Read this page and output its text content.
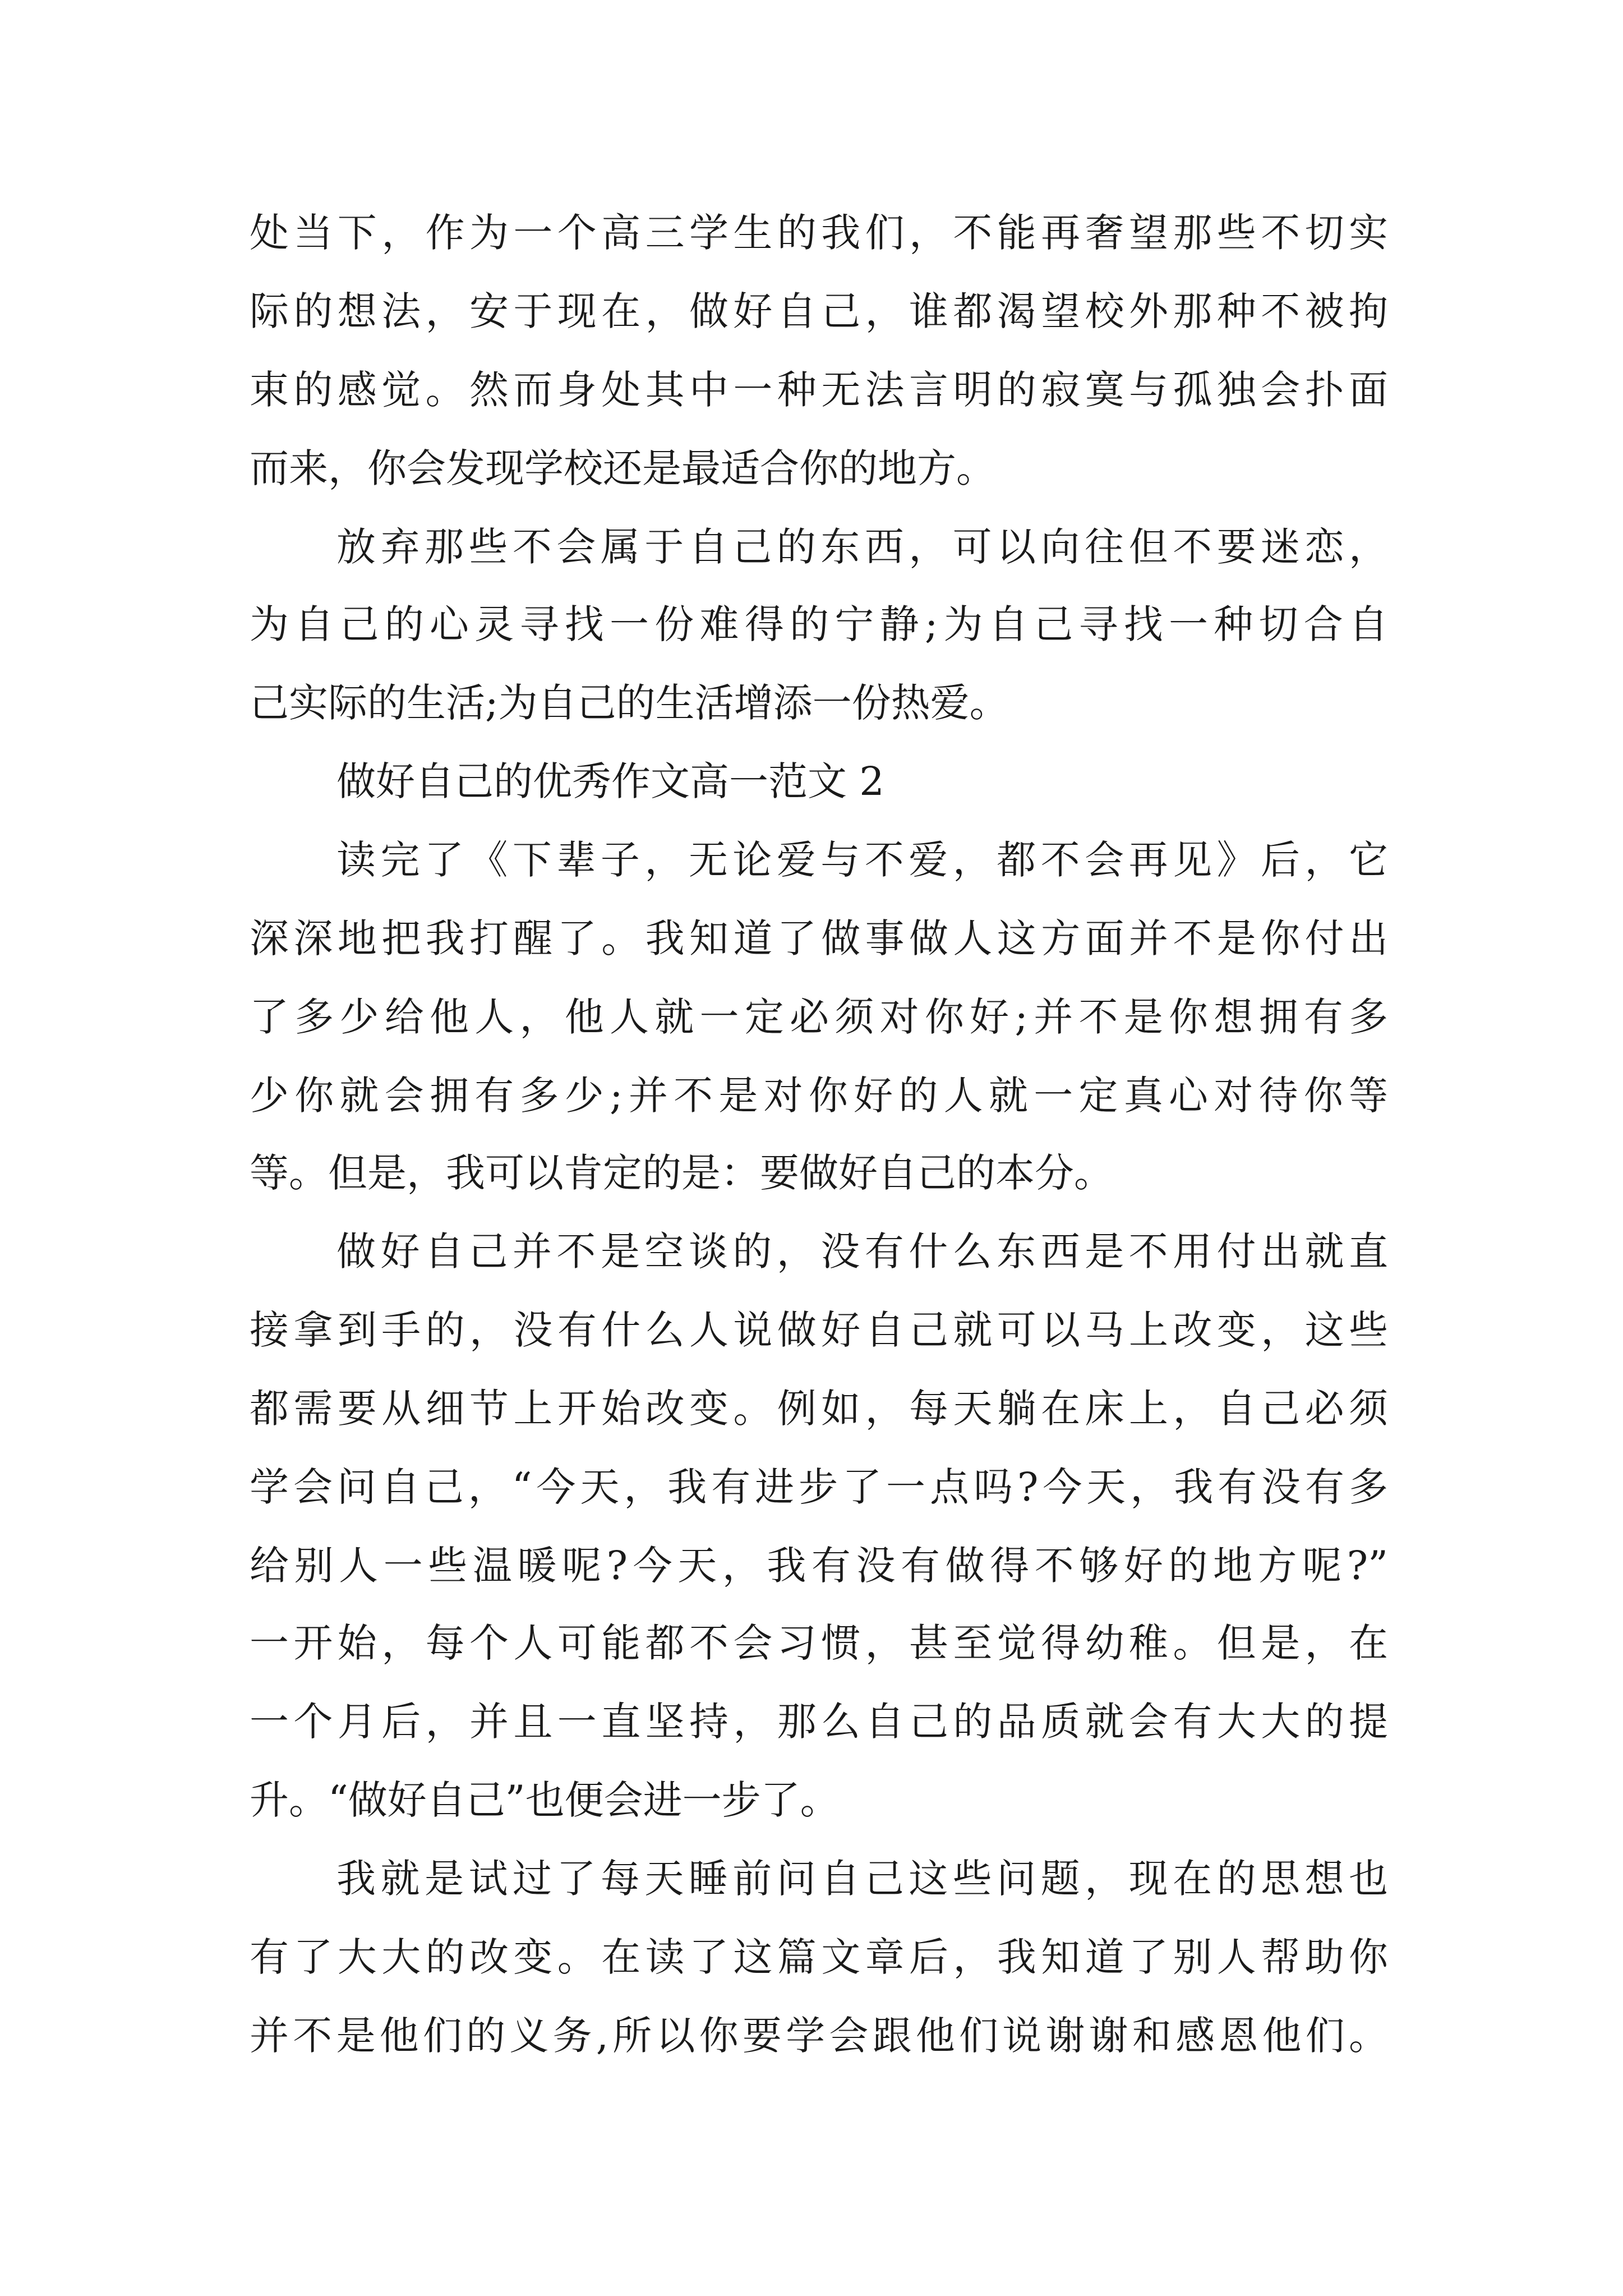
处当下，作为一个高三学生的我们，不能再奢望那些不切实
际的想法，安于现在，做好自己，谁都渴望校外那种不被拘
束的感觉。然而身处其中一种无法言明的寂寞与孤独会扑面
而来，你会发现学校还是最适合你的地方。
放弃那些不会属于自己的东西，可以向往但不要迷恋，
为自己的心灵寻找一份难得的宁静;为自己寻找一种切合自
己实际的生活;为自己的生活增添一份热爱。
做好自己的优秀作文高一范文 2
读完了《下辈子，无论爱与不爱，都不会再见》后，它
深深地把我打醒了。我知道了做事做人这方面并不是你付出
了多少给他人，他人就一定必须对你好;并不是你想拥有多
少你就会拥有多少;并不是对你好的人就一定真心对待你等
等。但是，我可以肯定的是：要做好自己的本分。
做好自己并不是空谈的，没有什么东西是不用付出就直
接拿到手的，没有什么人说做好自己就可以马上改变，这些
都需要从细节上开始改变。例如，每天躺在床上，自己必须
学会问自己，“今天，我有进步了一点吗?今天，我有没有多
给别人一些温暖呢?今天，我有没有做得不够好的地方呢?”
一开始，每个人可能都不会习惯，甚至觉得幼稚。但是，在
一个月后，并且一直坚持，那么自己的品质就会有大大的提
升。“做好自己”也便会进一步了。
我就是试过了每天睡前问自己这些问题，现在的思想也
有了大大的改变。在读了这篇文章后，我知道了别人帮助你
并不是他们的义务,所以你要学会跟他们说谢谢和感恩他们。
